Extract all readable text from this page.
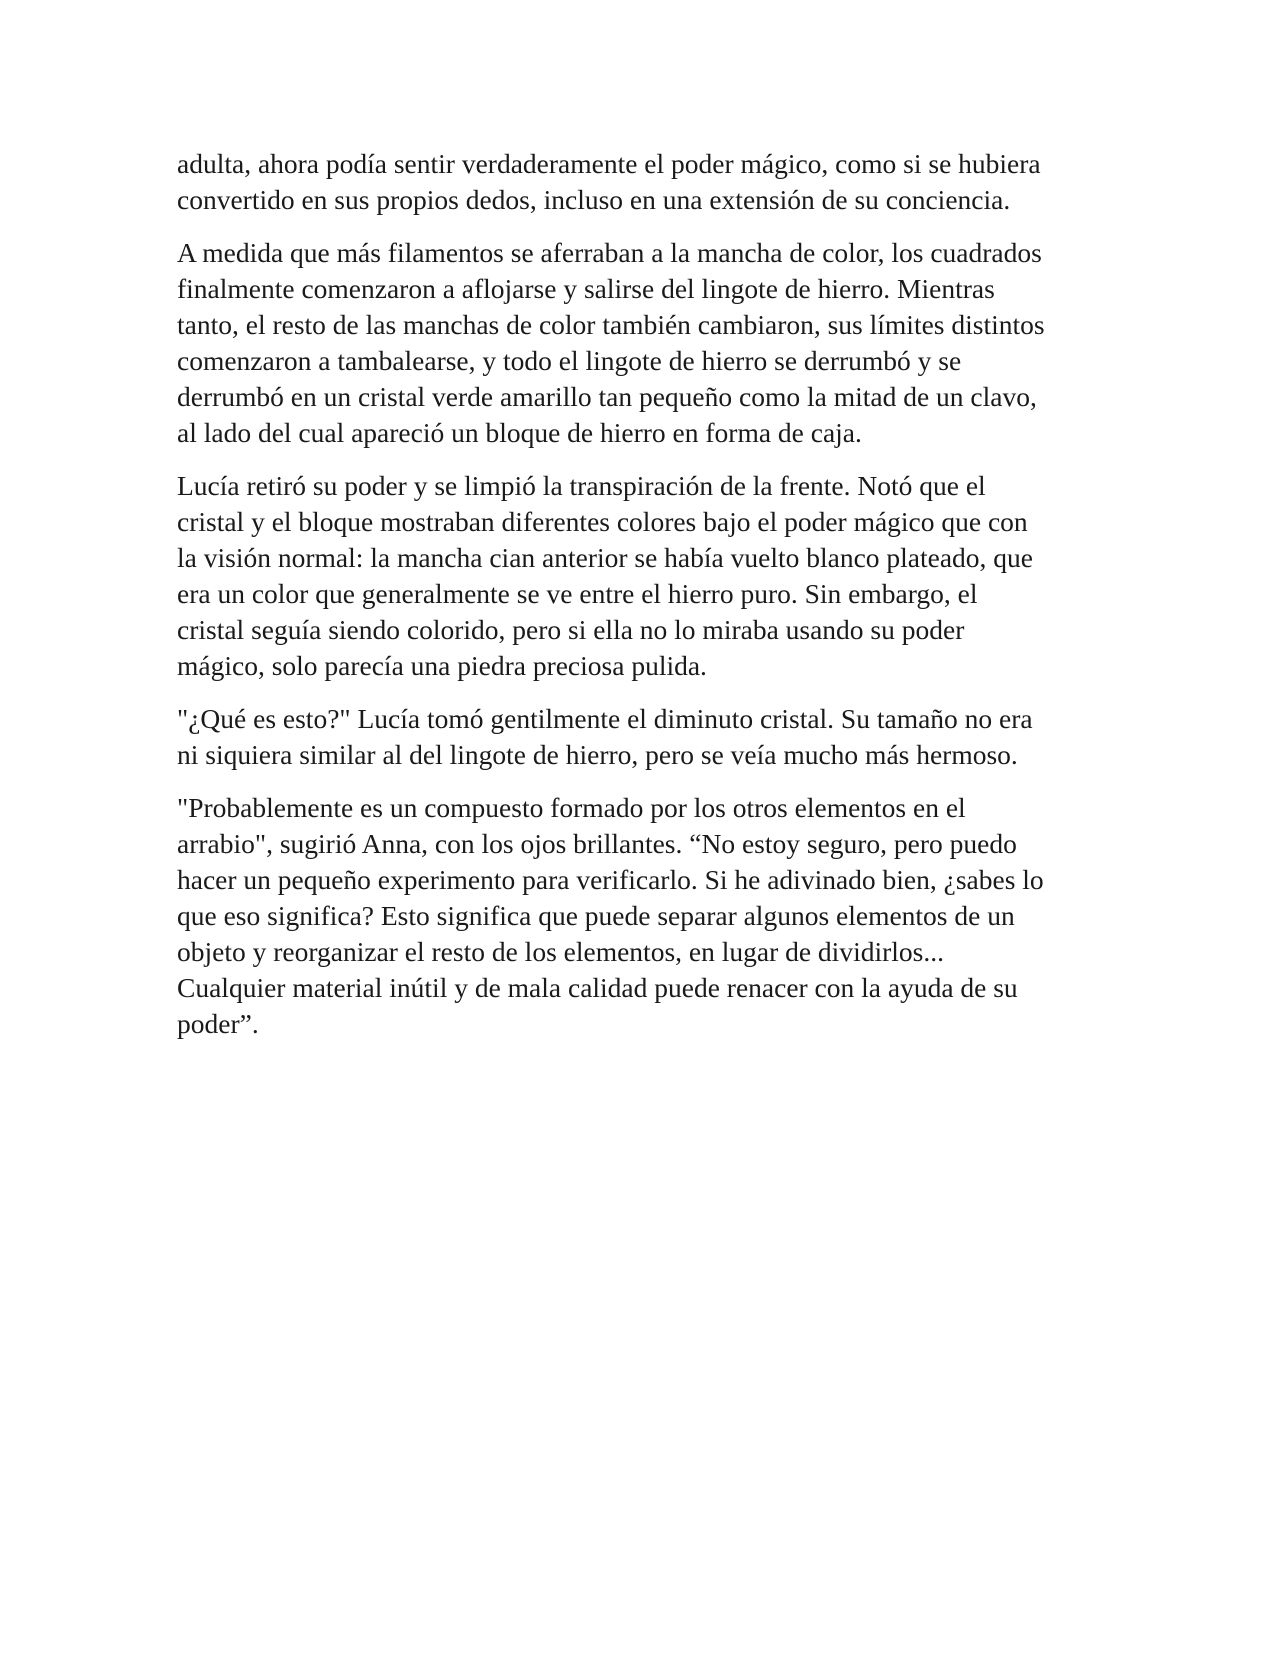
adulta, ahora podía sentir verdaderamente el poder mágico, como si se hubiera
convertido en sus propios dedos, incluso en una extensión de su conciencia.

A medida que más filamentos se aferraban a la mancha de color, los cuadrados
finalmente comenzaron a aflojarse y salirse del lingote de hierro. Mientras
tanto, el resto de las manchas de color también cambiaron, sus límites distintos
comenzaron a tambalearse, y todo el lingote de hierro se derrumbó y se
derrumbó en un cristal verde amarillo tan pequeño como la mitad de un clavo,
al lado del cual apareció un bloque de hierro en forma de caja.

Lucía retiró su poder y se limpió la transpiración de la frente. Notó que el
cristal y el bloque mostraban diferentes colores bajo el poder mágico que con
la visión normal: la mancha cian anterior se había vuelto blanco plateado, que
era un color que generalmente se ve entre el hierro puro. Sin embargo, el
cristal seguía siendo colorido, pero si ella no lo miraba usando su poder
mágico, solo parecía una piedra preciosa pulida.

"¿Qué es esto?" Lucía tomó gentilmente el diminuto cristal. Su tamaño no era
ni siquiera similar al del lingote de hierro, pero se veía mucho más hermoso.

"Probablemente es un compuesto formado por los otros elementos en el
arrabio", sugirió Anna, con los ojos brillantes. “No estoy seguro, pero puedo
hacer un pequeño experimento para verificarlo. Si he adivinado bien, ¿sabes lo
que eso significa? Esto significa que puede separar algunos elementos de un
objeto y reorganizar el resto de los elementos, en lugar de dividirlos...
Cualquier material inútil y de mala calidad puede renacer con la ayuda de su
poder”.
